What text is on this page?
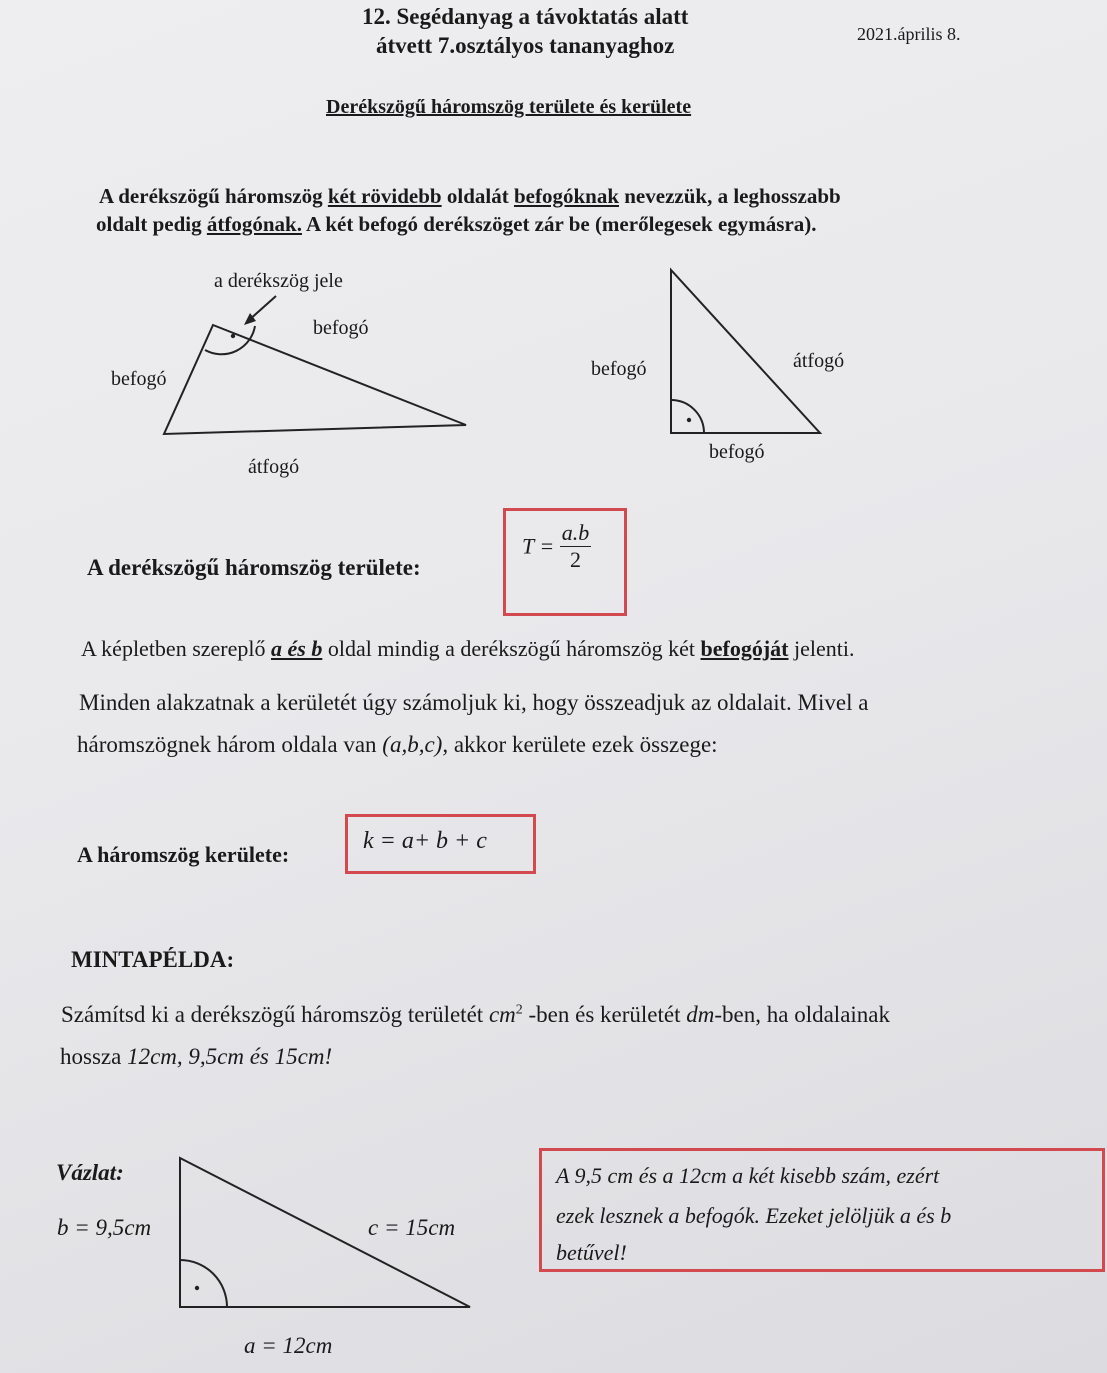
12. Segédanyag a távoktatás alatt
átvett 7.osztályos tananyaghoz	2021.április 8.
Derékszögű háromszög területe és kerülete
A derékszögű háromszög két rövidebb oldalát befogóknak nevezzük, a leghosszabb
oldalt pedig átfogónak. A két befogó derékszöget zár be (merőlegesek egymásra).
a derékszög jele
befogó
befogó
átfogó
befogó	átfogó
befogó
A derékszögű háromszög területe:
$T = \frac{a.b}{2}$
A képletben szereplő a és b oldal mindig a derékszögű háromszög két befogóját jelenti.
Minden alakzatnak a kerületét úgy számoljuk ki, hogy összeadjuk az oldalait. Mivel a
háromszögnek három oldala van (a,b,c), akkor kerülete ezek összege:
A háromszög kerülete:
k = a+ b + c
MINTAPÉLDA:
Számítsd ki a derékszögű háromszög területét $cm^2$ -ben és kerületét dm-ben, ha oldalainak
hossza 12cm, 9,5cm és 15cm!
Vázlat:
b = 9,5cm	c = 15cm
a = 12cm
A 9,5 cm és a 12cm a két kisebb szám, ezért
ezek lesznek a befogók. Ezeket jelöljük a és b
betűvel!
